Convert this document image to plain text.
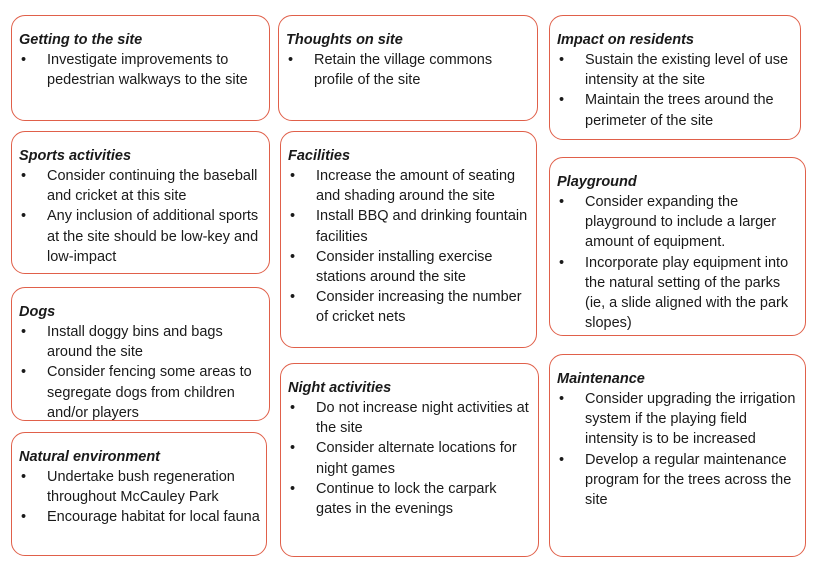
Getting to the site
• Investigate improvements to pedestrian walkways to the site
Sports activities
• Consider continuing the baseball and cricket at this site
• Any inclusion of additional sports at the site should be low-key and low-impact
Dogs
• Install doggy bins and bags around the site
• Consider fencing some areas to segregate dogs from children and/or players
Natural environment
• Undertake bush regeneration throughout McCauley Park
• Encourage habitat for local fauna
Thoughts on site
• Retain the village commons profile of the site
Facilities
• Increase the amount of seating and shading around the site
• Install BBQ and drinking fountain facilities
• Consider installing exercise stations around the site
• Consider increasing the number of cricket nets
Night activities
• Do not increase night activities at the site
• Consider alternate locations for night games
• Continue to lock the carpark gates in the evenings
Impact on residents
• Sustain the existing level of use intensity at the site
• Maintain the trees around the perimeter of the site
Playground
• Consider expanding the playground to include a larger amount of equipment.
• Incorporate play equipment into the natural setting of the parks (ie, a slide aligned with the park slopes)
Maintenance
• Consider upgrading the irrigation system if the playing field intensity is to be increased
• Develop a regular maintenance program for the trees across the site
